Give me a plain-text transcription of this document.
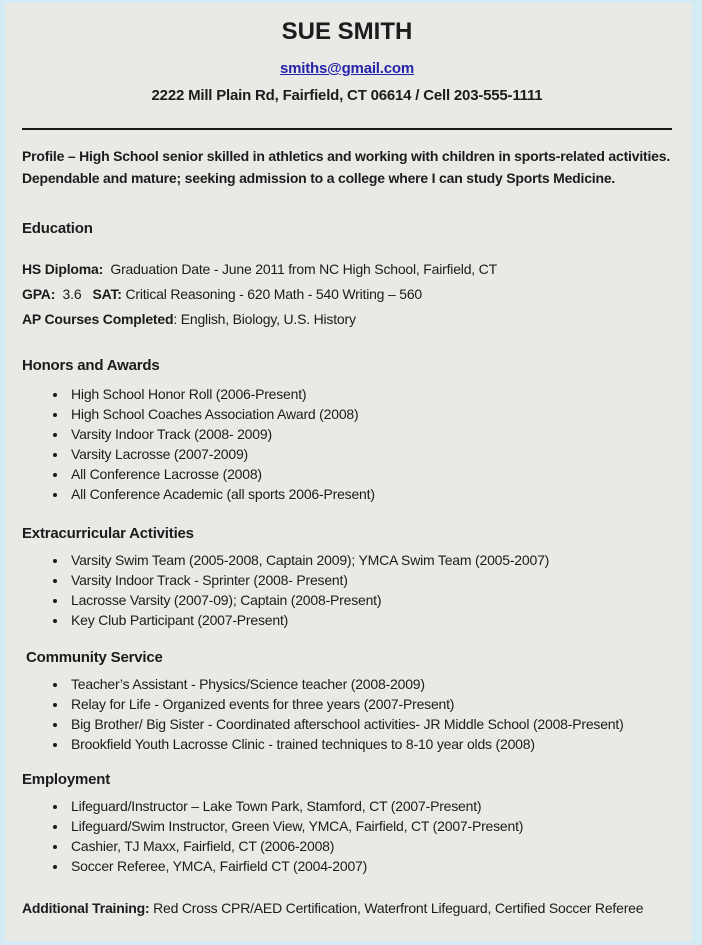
SUE SMITH
smiths@gmail.com
2222 Mill Plain Rd, Fairfield, CT 06614 / Cell 203-555-1111

Profile – High School senior skilled in athletics and working with children in sports-related activities. Dependable and mature; seeking admission to a college where I can study Sports Medicine.

Education

HS Diploma:  Graduation Date - June 2011 from NC High School, Fairfield, CT

GPA:  3.6   SAT: Critical Reasoning - 620 Math - 540 Writing – 560

AP Courses Completed: English, Biology, U.S. History

Honors and Awards
• High School Honor Roll (2006-Present)
• High School Coaches Association Award (2008)
• Varsity Indoor Track (2008- 2009)
• Varsity Lacrosse (2007-2009)
• All Conference Lacrosse (2008)
• All Conference Academic (all sports 2006-Present)
Extracurricular Activities
• Varsity Swim Team (2005-2008, Captain 2009); YMCA Swim Team (2005-2007)
• Varsity Indoor Track - Sprinter (2008- Present)
• Lacrosse Varsity (2007-09); Captain (2008-Present)
• Key Club Participant (2007-Present)
Community Service
• Teacher’s Assistant - Physics/Science teacher (2008-2009)
• Relay for Life - Organized events for three years (2007-Present)
• Big Brother/ Big Sister - Coordinated afterschool activities- JR Middle School (2008-Present)
• Brookfield Youth Lacrosse Clinic - trained techniques to 8-10 year olds (2008)
Employment
• Lifeguard/Instructor – Lake Town Park, Stamford, CT (2007-Present)
• Lifeguard/Swim Instructor, Green View, YMCA, Fairfield, CT (2007-Present)
• Cashier, TJ Maxx, Fairfield, CT (2006-2008)
• Soccer Referee, YMCA, Fairfield CT (2004-2007)

Additional Training: Red Cross CPR/AED Certification, Waterfront Lifeguard, Certified Soccer Referee
